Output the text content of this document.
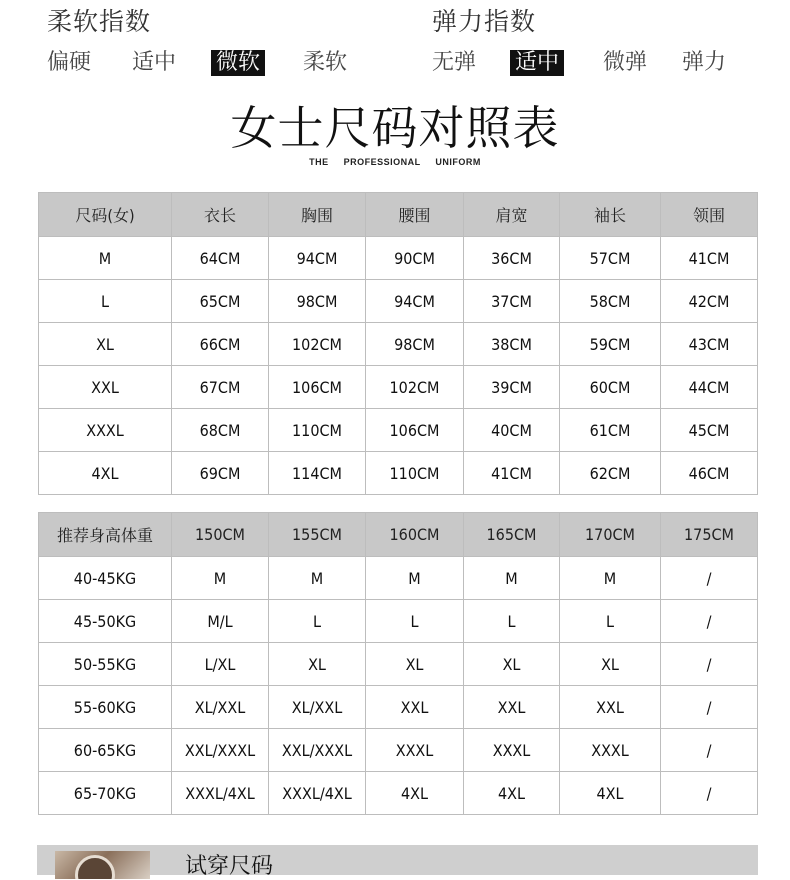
柔软指数
偏硬 适中 微软 柔软
弹力指数
无弹 适中 微弹 弹力
女士尺码对照表
THE PROFESSIONAL UNIFORM
尺码(女)	衣长	胸围	腰围	肩宽	袖长	领围
M	64CM	94CM	90CM	36CM	57CM	41CM
L	65CM	98CM	94CM	37CM	58CM	42CM
XL	66CM	102CM	98CM	38CM	59CM	43CM
XXL	67CM	106CM	102CM	39CM	60CM	44CM
XXXL	68CM	110CM	106CM	40CM	61CM	45CM
4XL	69CM	114CM	110CM	41CM	62CM	46CM
推荐身高体重	150CM	155CM	160CM	165CM	170CM	175CM
40-45KG	M	M	M	M	M	/
45-50KG	M/L	L	L	L	L	/
50-55KG	L/XL	XL	XL	XL	XL	/
55-60KG	XL/XXL	XL/XXL	XXL	XXL	XXL	/
60-65KG	XXL/XXXL	XXL/XXXL	XXXL	XXXL	XXXL	/
65-70KG	XXXL/4XL	XXXL/4XL	4XL	4XL	4XL	/
试穿尺码
